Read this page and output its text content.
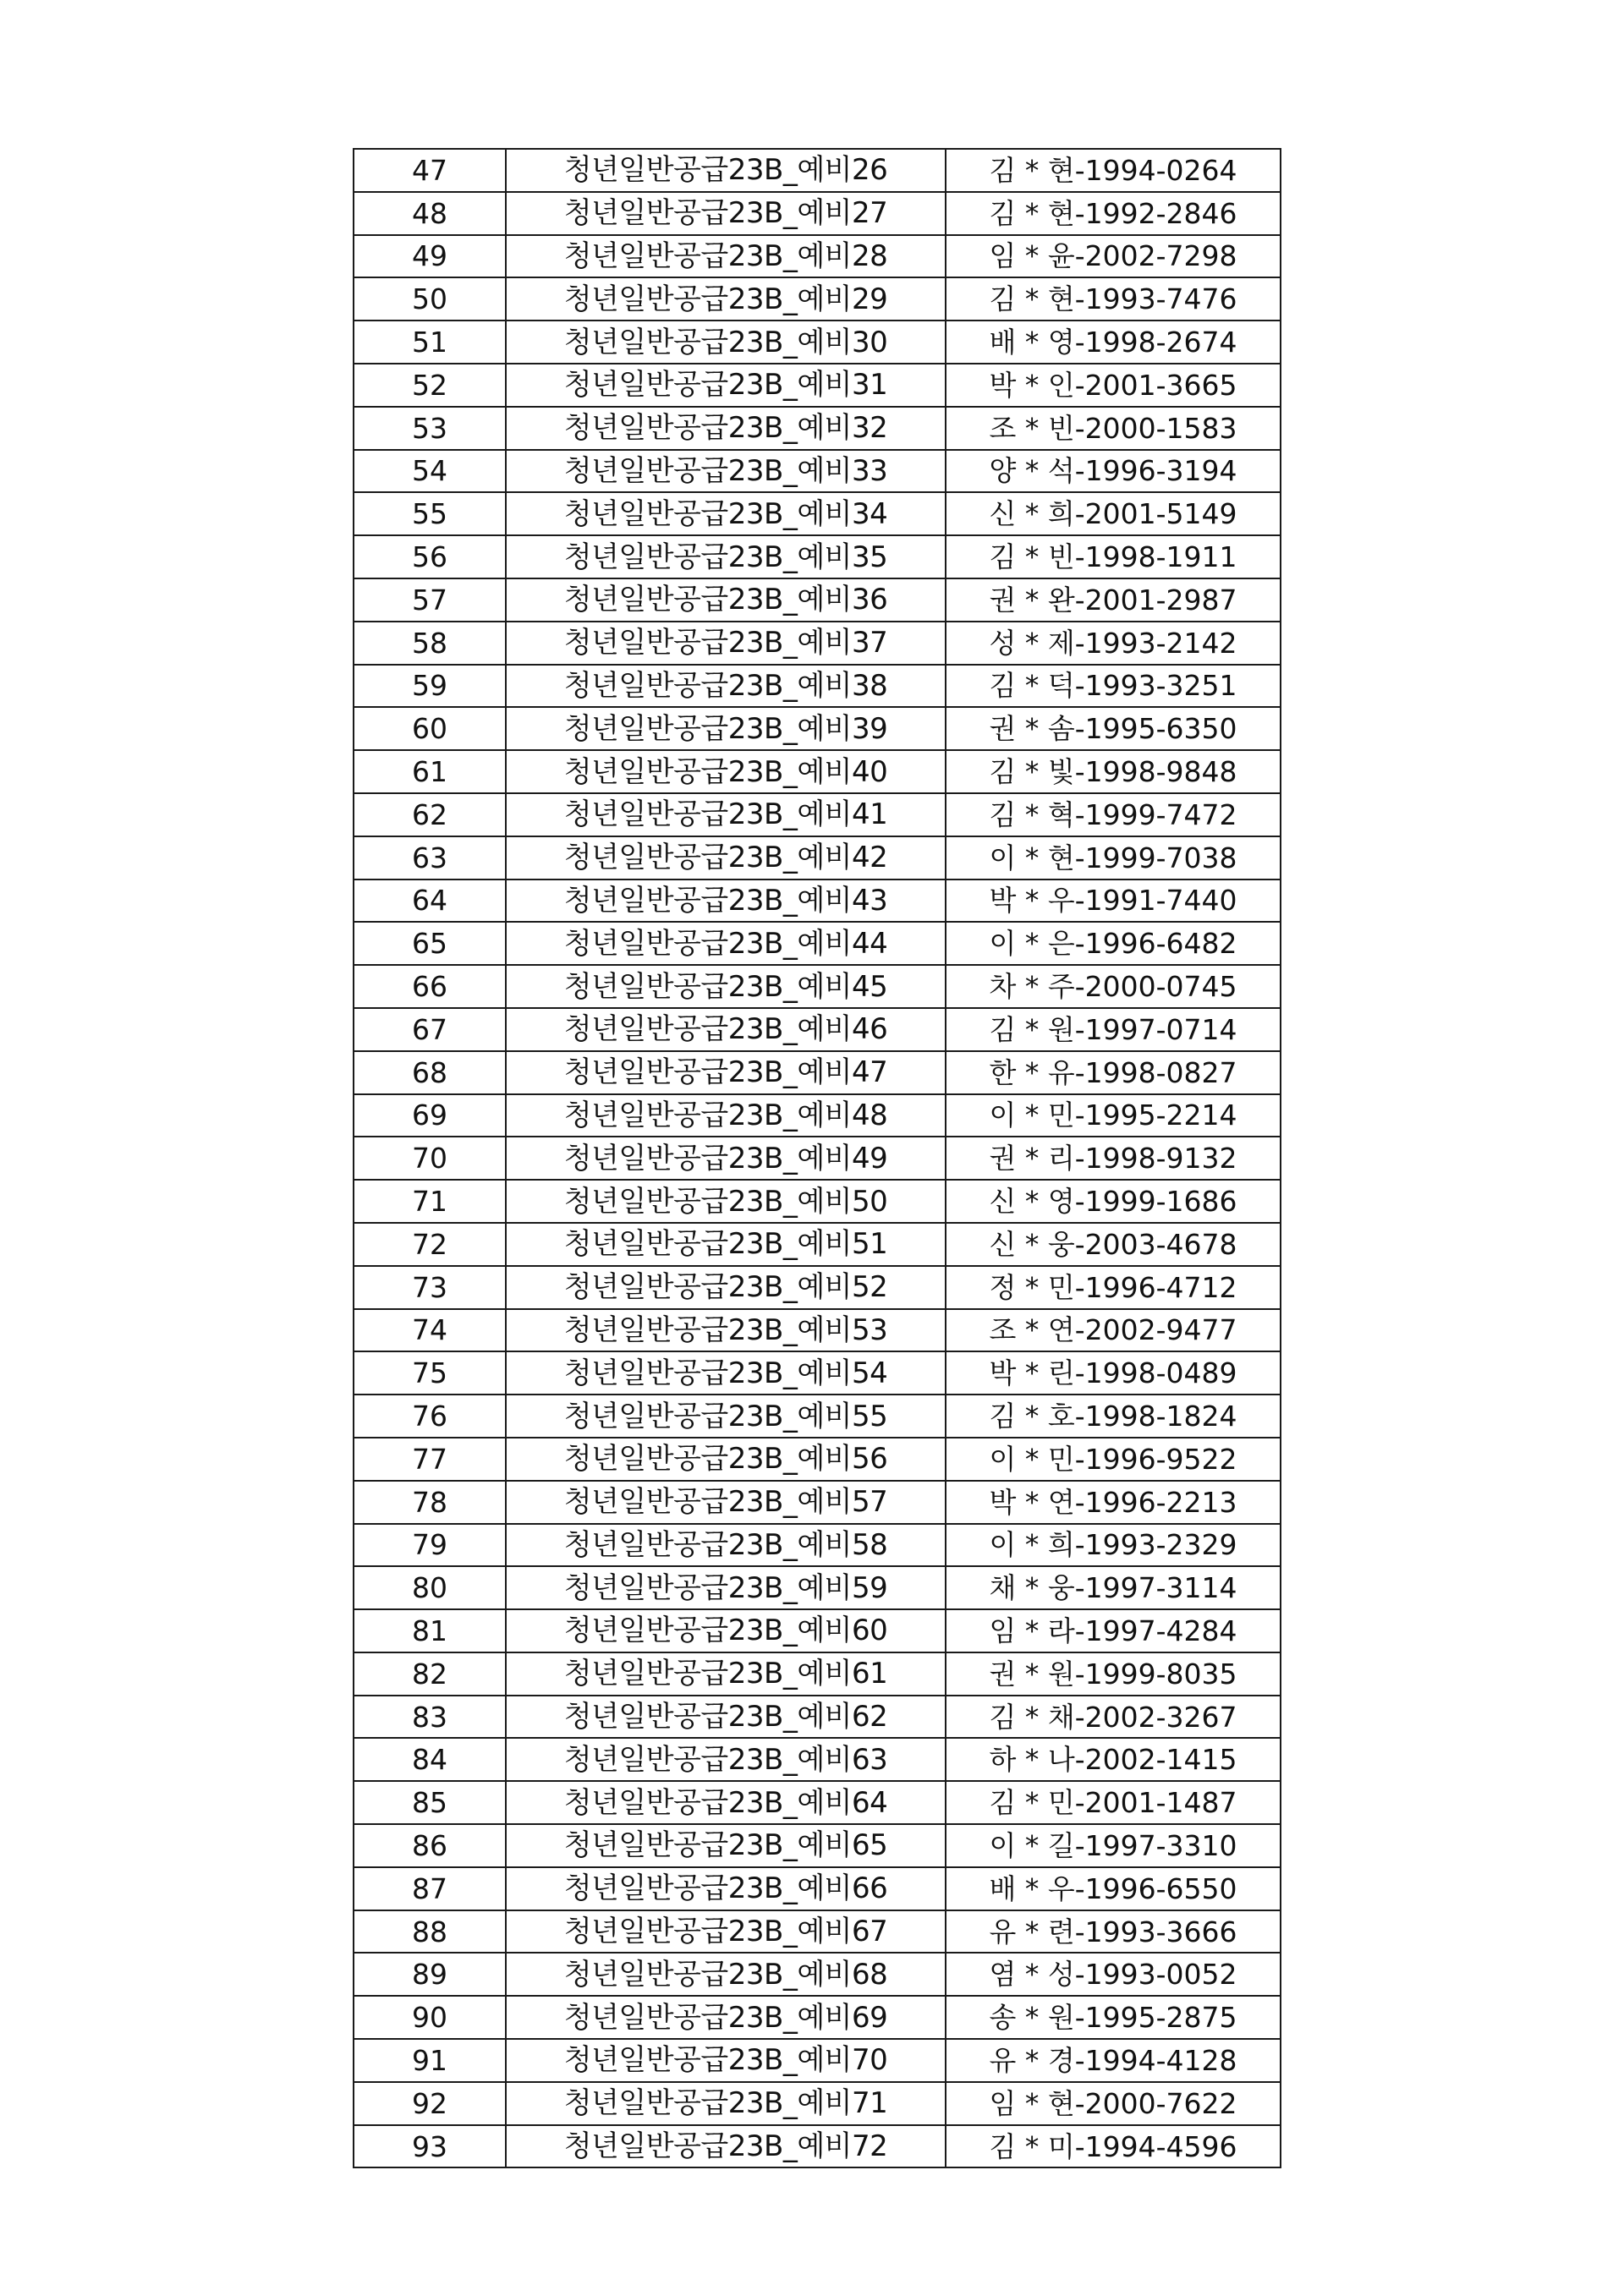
47	청년일반공급23B_예비26	김 * 현-1994-0264
48	청년일반공급23B_예비27	김 * 현-1992-2846
49	청년일반공급23B_예비28	임 * 윤-2002-7298
50	청년일반공급23B_예비29	김 * 현-1993-7476
51	청년일반공급23B_예비30	배 * 영-1998-2674
52	청년일반공급23B_예비31	박 * 인-2001-3665
53	청년일반공급23B_예비32	조 * 빈-2000-1583
54	청년일반공급23B_예비33	양 * 석-1996-3194
55	청년일반공급23B_예비34	신 * 희-2001-5149
56	청년일반공급23B_예비35	김 * 빈-1998-1911
57	청년일반공급23B_예비36	권 * 완-2001-2987
58	청년일반공급23B_예비37	성 * 제-1993-2142
59	청년일반공급23B_예비38	김 * 덕-1993-3251
60	청년일반공급23B_예비39	권 * 솜-1995-6350
61	청년일반공급23B_예비40	김 * 빛-1998-9848
62	청년일반공급23B_예비41	김 * 혁-1999-7472
63	청년일반공급23B_예비42	이 * 현-1999-7038
64	청년일반공급23B_예비43	박 * 우-1991-7440
65	청년일반공급23B_예비44	이 * 은-1996-6482
66	청년일반공급23B_예비45	차 * 주-2000-0745
67	청년일반공급23B_예비46	김 * 원-1997-0714
68	청년일반공급23B_예비47	한 * 유-1998-0827
69	청년일반공급23B_예비48	이 * 민-1995-2214
70	청년일반공급23B_예비49	권 * 리-1998-9132
71	청년일반공급23B_예비50	신 * 영-1999-1686
72	청년일반공급23B_예비51	신 * 웅-2003-4678
73	청년일반공급23B_예비52	정 * 민-1996-4712
74	청년일반공급23B_예비53	조 * 연-2002-9477
75	청년일반공급23B_예비54	박 * 린-1998-0489
76	청년일반공급23B_예비55	김 * 호-1998-1824
77	청년일반공급23B_예비56	이 * 민-1996-9522
78	청년일반공급23B_예비57	박 * 연-1996-2213
79	청년일반공급23B_예비58	이 * 희-1993-2329
80	청년일반공급23B_예비59	채 * 웅-1997-3114
81	청년일반공급23B_예비60	임 * 라-1997-4284
82	청년일반공급23B_예비61	권 * 원-1999-8035
83	청년일반공급23B_예비62	김 * 채-2002-3267
84	청년일반공급23B_예비63	하 * 나-2002-1415
85	청년일반공급23B_예비64	김 * 민-2001-1487
86	청년일반공급23B_예비65	이 * 길-1997-3310
87	청년일반공급23B_예비66	배 * 우-1996-6550
88	청년일반공급23B_예비67	유 * 련-1993-3666
89	청년일반공급23B_예비68	염 * 성-1993-0052
90	청년일반공급23B_예비69	송 * 원-1995-2875
91	청년일반공급23B_예비70	유 * 경-1994-4128
92	청년일반공급23B_예비71	임 * 현-2000-7622
93	청년일반공급23B_예비72	김 * 미-1994-4596
